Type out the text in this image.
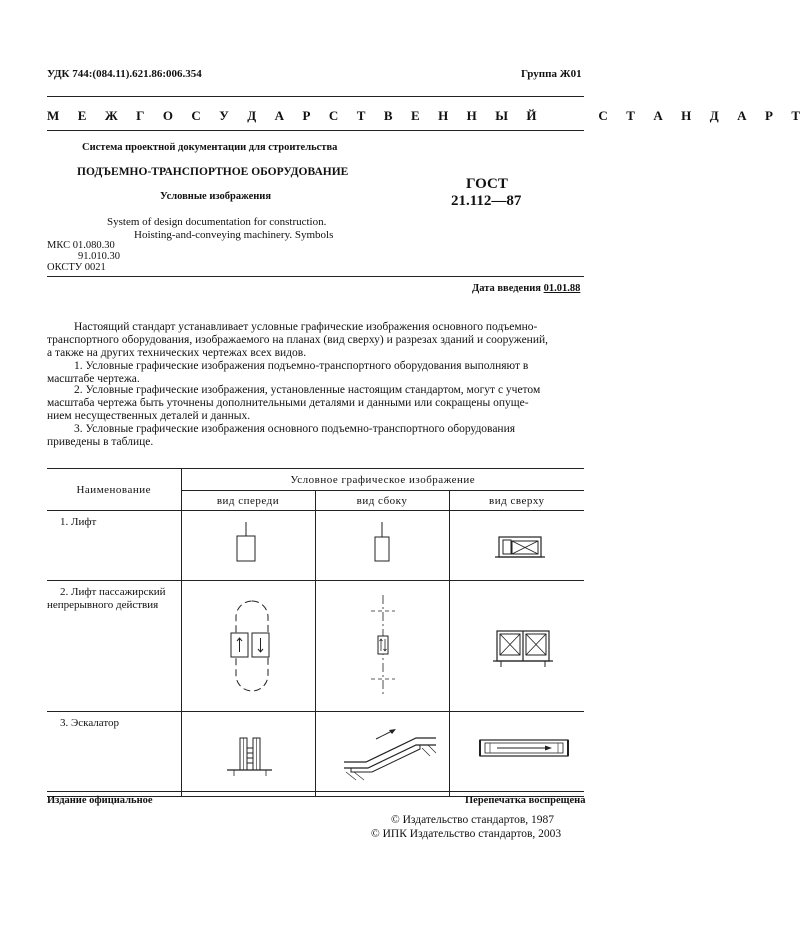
УДК 744:(084.11).621.86:006.354	Группа Ж01
М Е Ж Г О С У Д А Р С Т В Е Н Н Ы Й     С Т А Н Д А Р Т
Система проектной документации для строительства
ПОДЪЕМНО-ТРАНСПОРТНОЕ ОБОРУДОВАНИЕ
Условные изображения
ГОСТ
21.112—87
System of design documentation for construction.
Hoisting-and-conveying machinery. Symbols
МКС 01.080.30
91.010.30
ОКСТУ 0021
Дата введения 01.01.88
Настоящий стандарт устанавливает условные графические изображения основного подъемно-
транспортного оборудования, изображаемого на планах (вид сверху) и разрезах зданий и сооружений,
а также на других технических чертежах всех видов.
1. Условные графические изображения подъемно-транспортного оборудования выполняют в
масштабе чертежа.
2. Условные графические изображения, установленные настоящим стандартом, могут с учетом
масштаба чертежа быть уточнены дополнительными деталями и данными или сокращены опуще-
нием несущественных деталей и данных.
3. Условные графические изображения основного подъемно-транспортного оборудования
приведены в таблице.
Наименование	Условное графическое изображение		
	вид спереди	вид сбоку	вид сверху

1. Лифт

2. Лифт пассажирский
непрерывного действия

3. Эскалатор

Издание официальное	Перепечатка воспрещена
© Издательство стандартов, 1987
© ИПК Издательство стандартов, 2003
